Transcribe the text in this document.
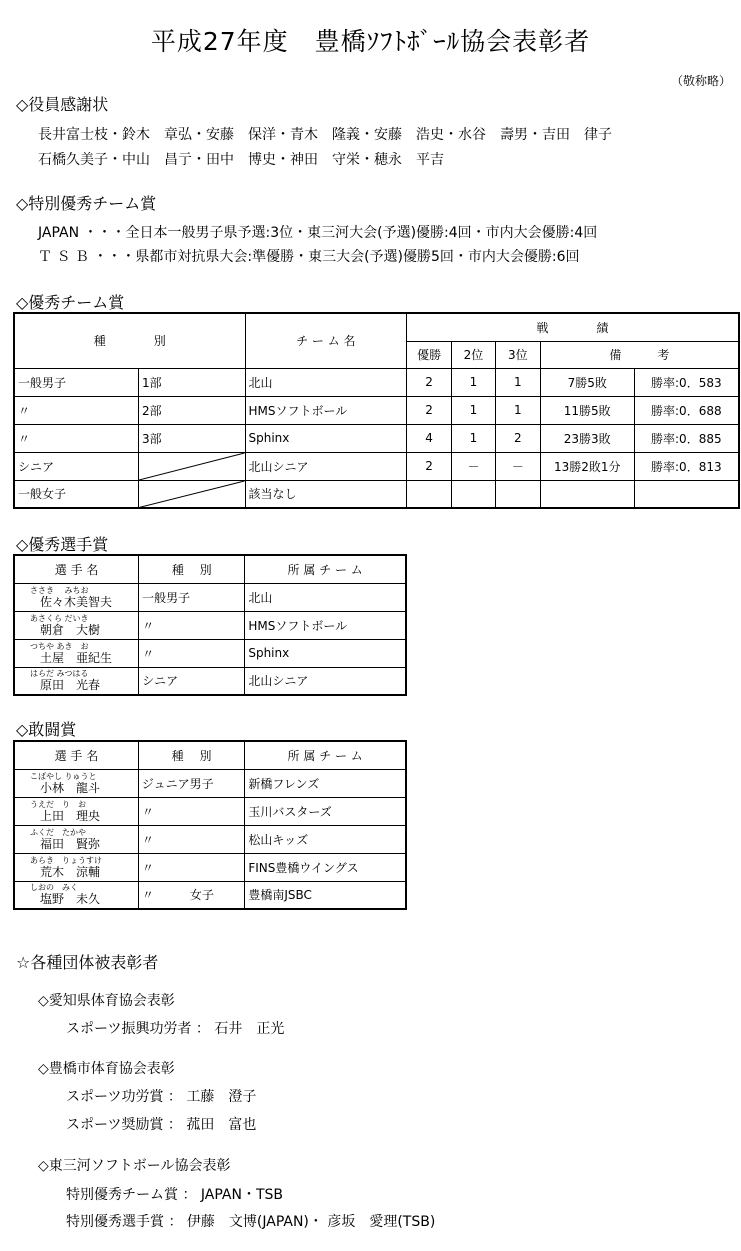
平成27年度　豊橋ｿﾌﾄﾎﾞｰﾙ協会表彰者
（敬称略）
◇役員感謝状
長井富士枝・鈴木　章弘・安藤　保洋・青木　隆義・安藤　浩史・水谷　壽男・吉田　律子
石橋久美子・中山　昌亍・田中　博史・神田　守栄・穂永　平吉
◇特別優秀チーム賞
JAPAN ・・・全日本一般男子県予選:3位・東三河大会(予選)優勝:4回・市内大会優勝:4回
Ｔ Ｓ Ｂ ・・・県都市対抗県大会:準優勝・東三大会(予選)優勝5回・市内大会優勝:6回
◇優秀チーム賞
種　　　　別		チ ー ム 名	戦　　　　績				
			優勝	2位	3位	備　　　考	
一般男子	1部	北山	2	1	1	7勝5敗	勝率:0．583
〃	2部	HMSソフトボール	2	1	1	11勝5敗	勝率:0．688
〃	3部	Sphinx	4	1	2	23勝3敗	勝率:0．885
シニア		北山シニア	2	－	－	13勝2敗1分	勝率:0．813
一般女子		該当なし					
◇優秀選手賞
選 手 名	種　 別	所 属 チ ー ム

ささき　 みちお
佐々木美智夫	一般男子	北山

あさくら だいき
朝倉　大樹	〃	HMSソフトボール

つちや あき　お
土屋　亜紀生	〃	Sphinx

はらだ みつはる
原田　光春	シニア	北山シニア
◇敢闘賞
選 手 名	種　 別	所 属 チ ー ム

こばやし りゅうと
小林　龍斗	ジュニア男子	新橋フレンズ

うえだ　り　お
上田　理央	〃	玉川バスターズ

ふくだ　たかや
福田　賢弥	〃	松山キッズ

あらき　りょうすけ
荒木　涼輔	〃	FINS豊橋ウイングス

しおの　みく
塩野　未久	〃　　　女子	豊橋南JSBC
☆各種団体被表彰者
◇愛知県体育協会表彰
スポーツ振興功労者 ： 石井　正光
◇豊橋市体育協会表彰
スポーツ功労賞 ： 工藤　澄子
スポーツ奨励賞 ： 菰田　富也
◇東三河ソフトボール協会表彰
特別優秀チーム賞 ： JAPAN・TSB
特別優秀選手賞 ： 伊藤　文博(JAPAN)・ 彦坂　愛理(TSB)
